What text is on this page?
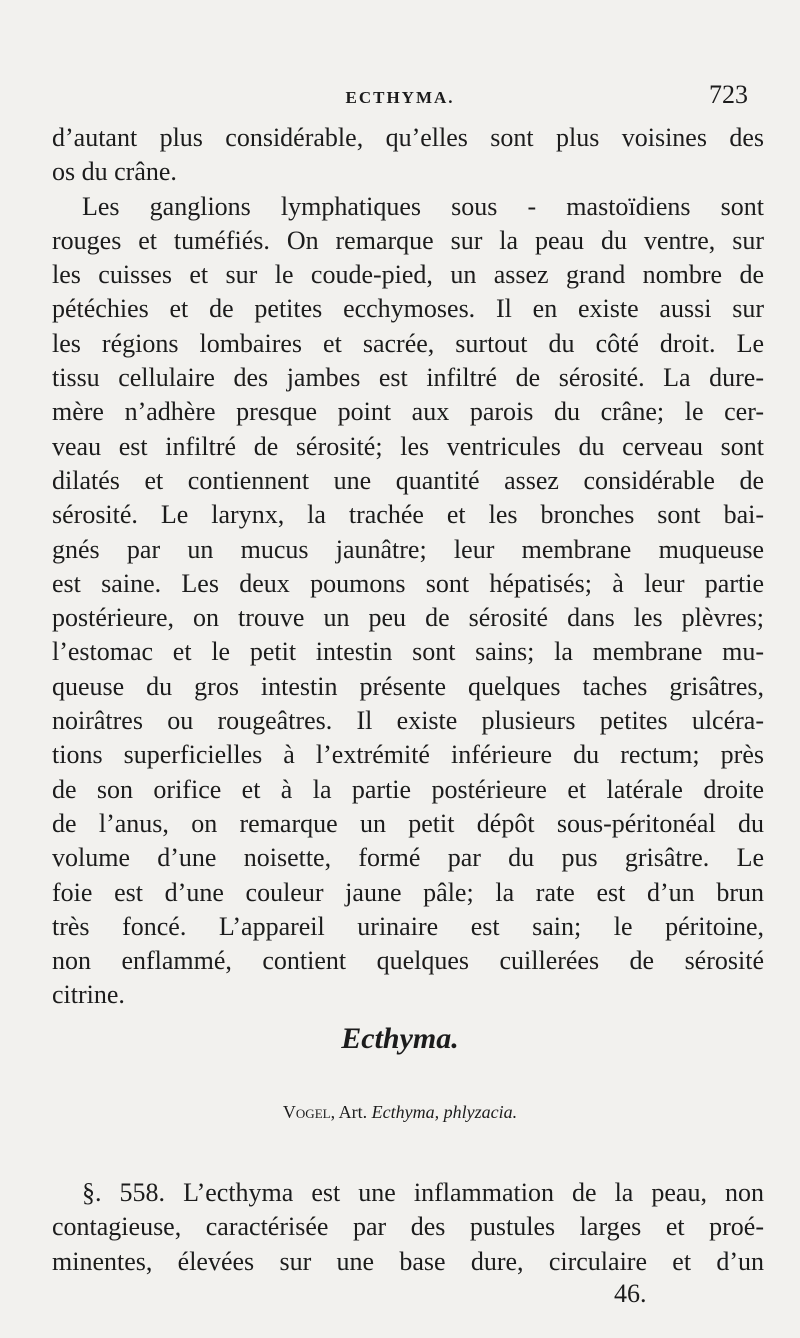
ECTHYMA.	723
d’autant plus considérable, qu’elles sont plus voisines des
os du crâne.
Les ganglions lymphatiques sous - mastoïdiens sont
rouges et tuméfiés. On remarque sur la peau du ventre, sur
les cuisses et sur le coude-pied, un assez grand nombre de
pétéchies et de petites ecchymoses. Il en existe aussi sur
les régions lombaires et sacrée, surtout du côté droit. Le
tissu cellulaire des jambes est infiltré de sérosité. La dure-
mère n’adhère presque point aux parois du crâne; le cer-
veau est infiltré de sérosité; les ventricules du cerveau sont
dilatés et contiennent une quantité assez considérable de
sérosité. Le larynx, la trachée et les bronches sont bai-
gnés par un mucus jaunâtre; leur membrane muqueuse
est saine. Les deux poumons sont hépatisés; à leur partie
postérieure, on trouve un peu de sérosité dans les plèvres;
l’estomac et le petit intestin sont sains; la membrane mu-
queuse du gros intestin présente quelques taches grisâtres,
noirâtres ou rougeâtres. Il existe plusieurs petites ulcéra-
tions superficielles à l’extrémité inférieure du rectum; près
de son orifice et à la partie postérieure et latérale droite
de l’anus, on remarque un petit dépôt sous-péritonéal du
volume d’une noisette, formé par du pus grisâtre. Le
foie est d’une couleur jaune pâle; la rate est d’un brun
très foncé. L’appareil urinaire est sain; le péritoine,
non enflammé, contient quelques cuillerées de sérosité
citrine.
Ecthyma.
Vogel, Art. Ecthyma, phlyzacia.
§. 558. L’ecthyma est une inflammation de la peau, non
contagieuse, caractérisée par des pustules larges et proé-
minentes, élevées sur une base dure, circulaire et d’un
46.
